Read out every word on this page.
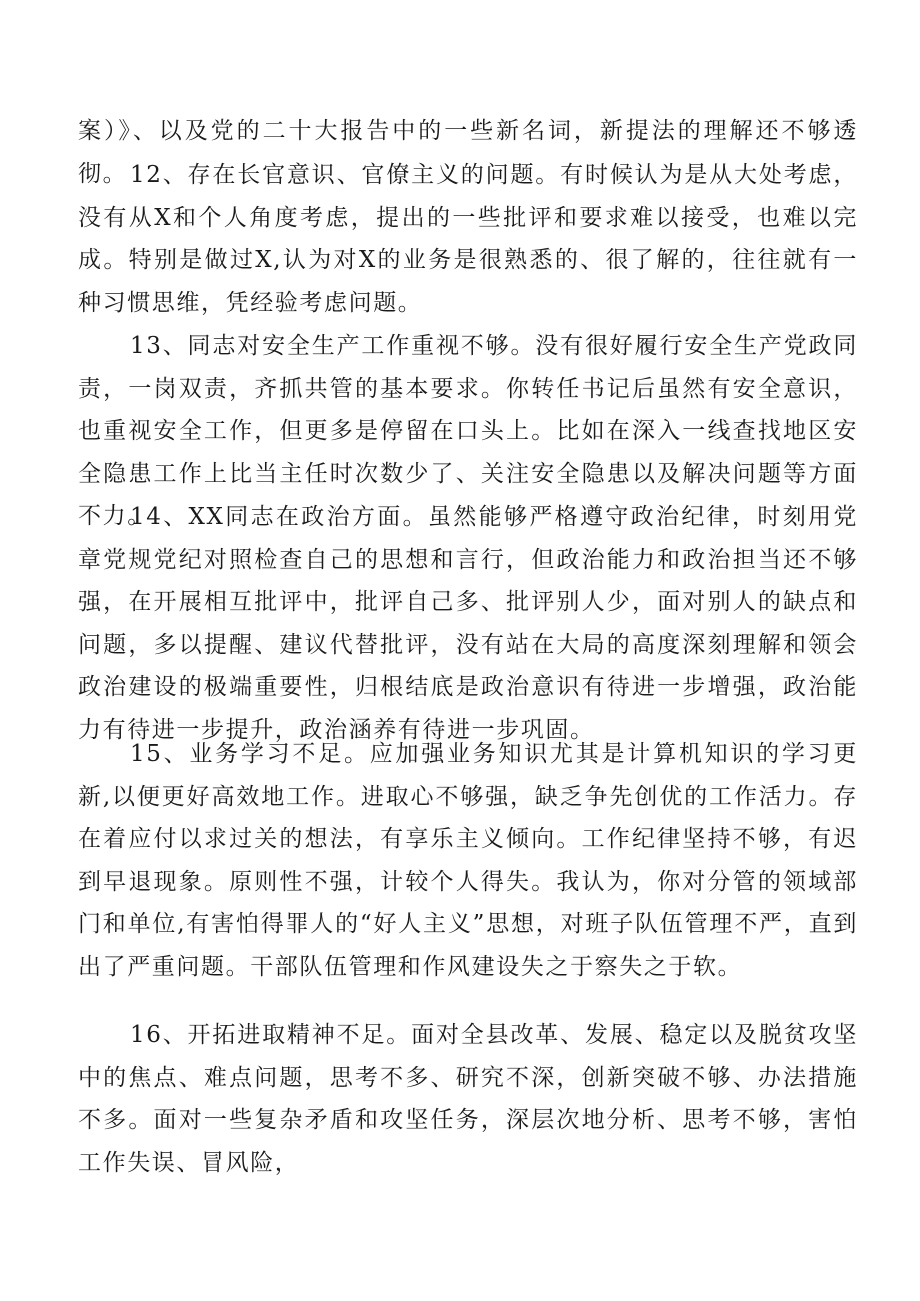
案）》、以及党的二十大报告中的一些新名词，新提法的理解还不够透彻。 12、存在长官意识、官僚主义的问题。有时候认为是从大处考虑，没有从X和个人角度考虑，提出的一些批评和要求难以接受，也难以完成。特别是做过X,认为对X的业务是很熟悉的、很了解的，往往就有一种习惯思维，凭经验考虑问题。

13、同志对安全生产工作重视不够。没有很好履行安全生产党政同责，一岗双责，齐抓共管的基本要求。你转任书记后虽然有安全意识，也重视安全工作，但更多是停留在口头上。比如在深入一线查找地区安全隐患工作上比当主任时次数少了、关注安全隐患以及解决问题等方面不力。

14、XX同志在政治方面。虽然能够严格遵守政治纪律，时刻用党章党规党纪对照检查自己的思想和言行，但政治能力和政治担当还不够强，在开展相互批评中，批评自己多、批评别人少，面对别人的缺点和问题，多以提醒、建议代替批评，没有站在大局的高度深刻理解和领会政治建设的极端重要性，归根结底是政治意识有待进一步增强，政治能力有待进一步提升，政治涵养有待进一步巩固。

15、业务学习不足。应加强业务知识尤其是计算机知识的学习更新,以便更好高效地工作。进取心不够强，缺乏争先创优的工作活力。存在着应付以求过关的想法，有享乐主义倾向。工作纪律坚持不够，有迟到早退现象。原则性不强，计较个人得失。我认为，你对分管的领域部门和单位,有害怕得罪人的“好人主义”思想，对班子队伍管理不严，直到出了严重问题。干部队伍管理和作风建设失之于察失之于软。

16、开拓进取精神不足。面对全县改革、发展、稳定以及脱贫攻坚中的焦点、难点问题，思考不多、研究不深，创新突破不够、办法措施不多。面对一些复杂矛盾和攻坚任务，深层次地分析、思考不够，害怕工作失误、冒风险，
